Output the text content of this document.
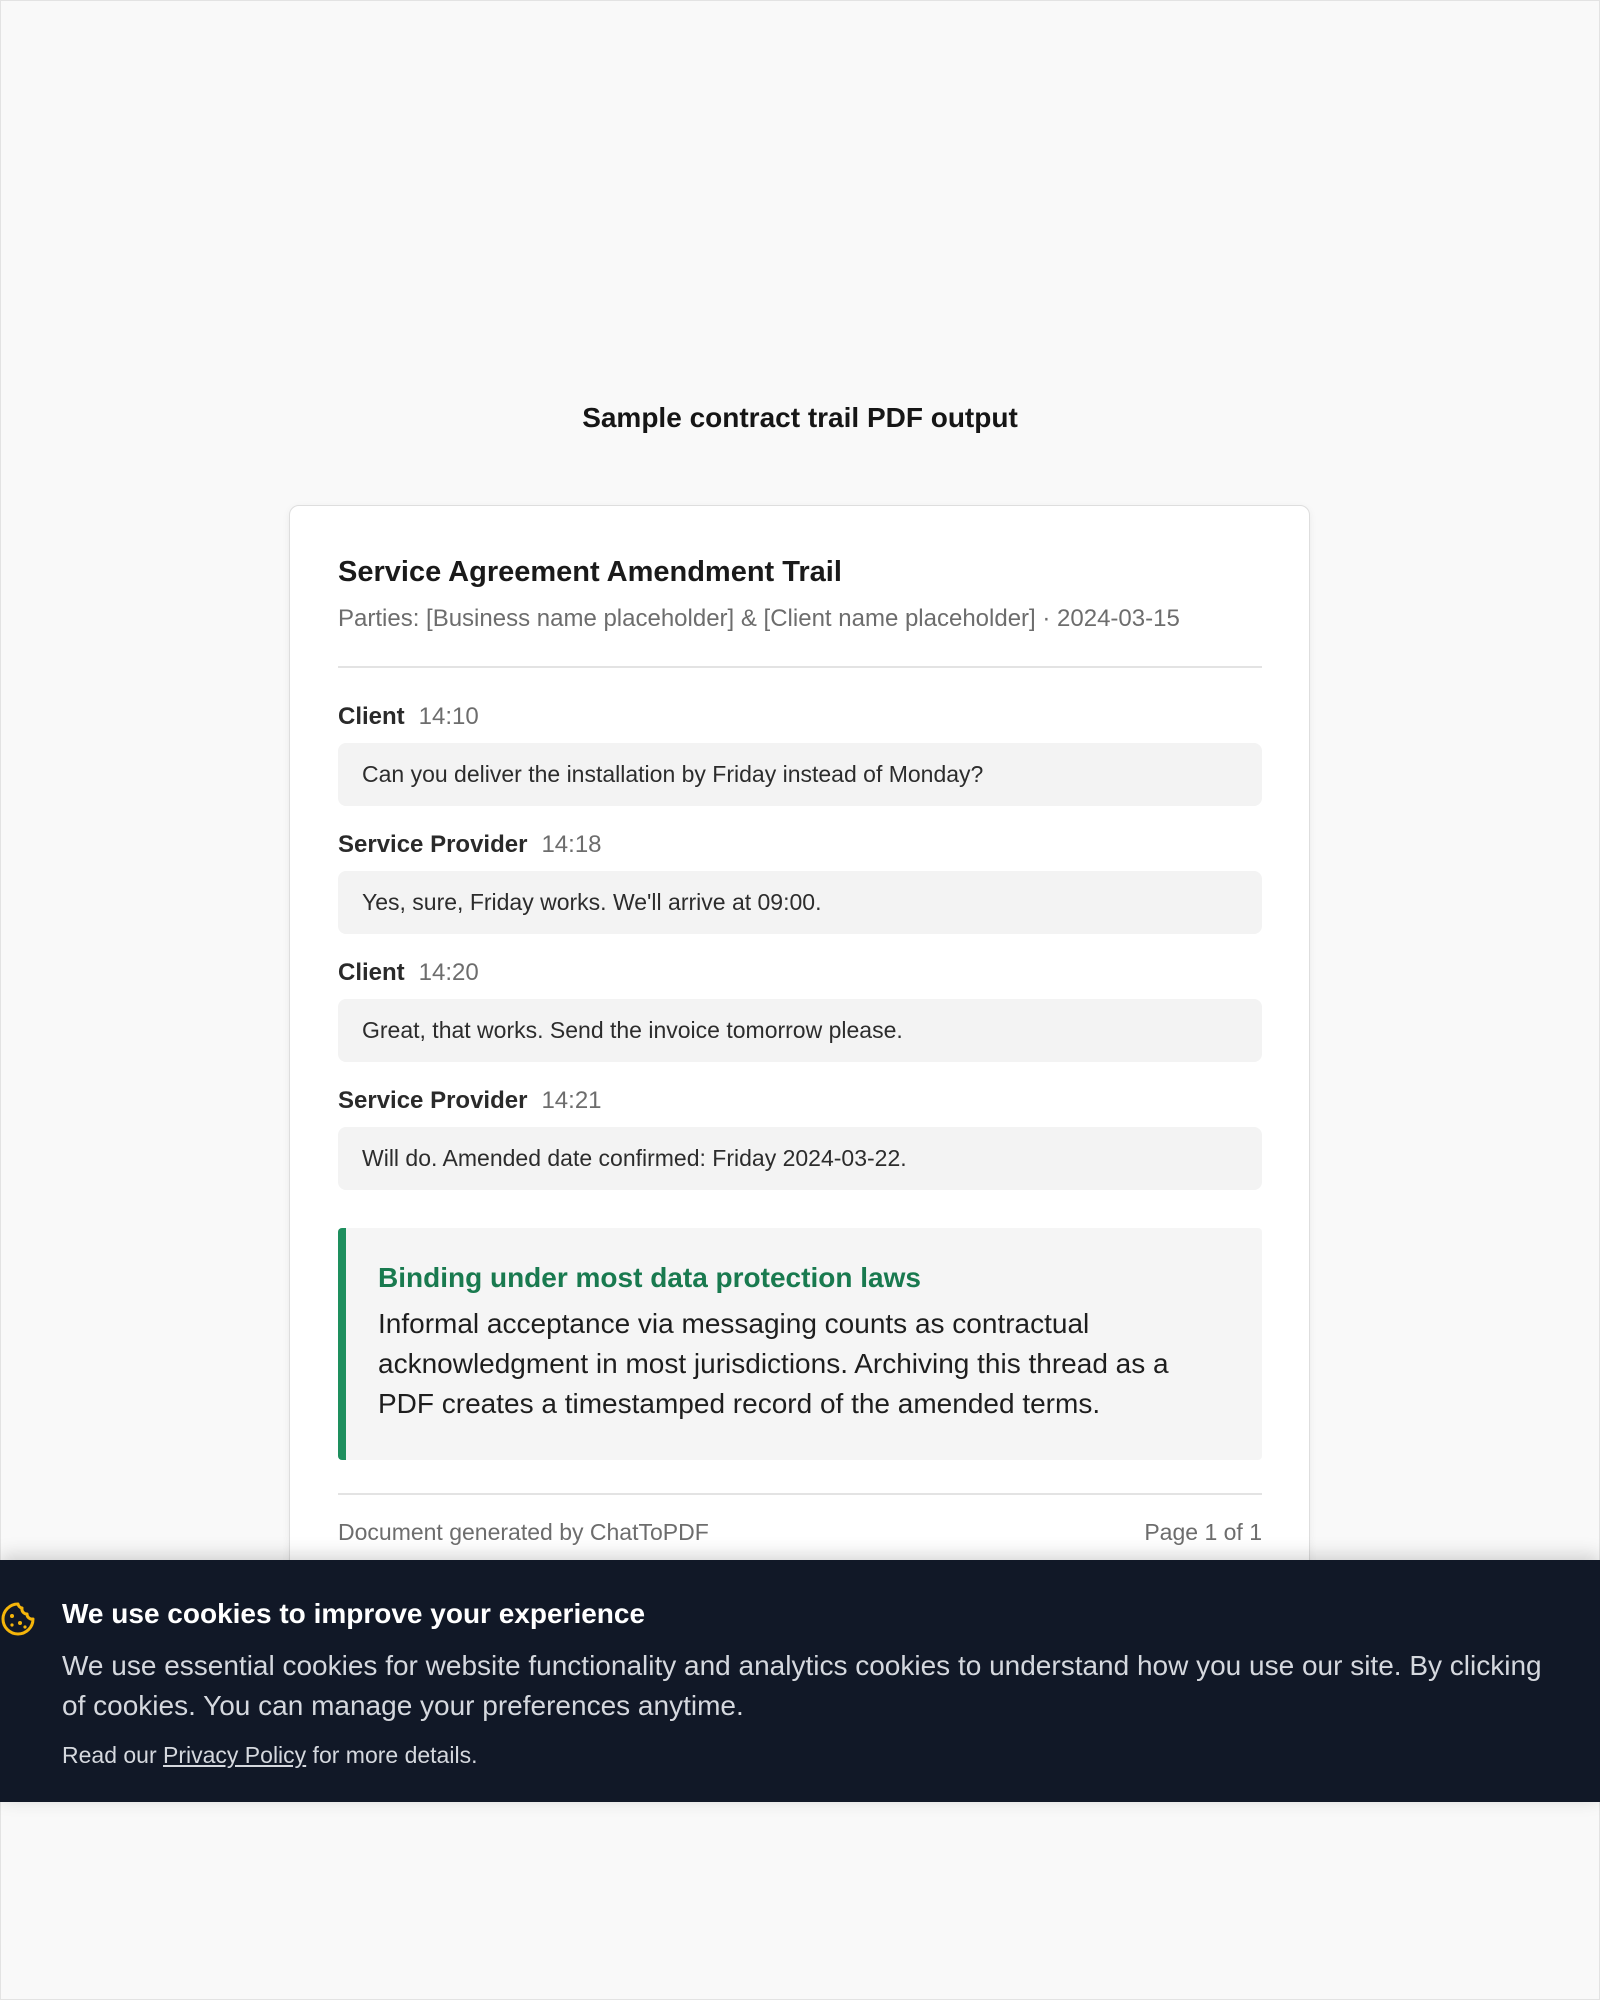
Sample contract trail PDF output
Service Agreement Amendment Trail
Parties: [Business name placeholder] & [Client name placeholder] · 2024-03-15
Client 14:10
Can you deliver the installation by Friday instead of Monday?
Service Provider 14:18
Yes, sure, Friday works. We'll arrive at 09:00.
Client 14:20
Great, that works. Send the invoice tomorrow please.
Service Provider 14:21
Will do. Amended date confirmed: Friday 2024-03-22.
Binding under most data protection laws
Informal acceptance via messaging counts as contractual acknowledgment in most jurisdictions. Archiving this thread as a PDF creates a timestamped record of the amended terms.
Document generated by ChatToPDF	Page 1 of 1
We use cookies to improve your experience
We use essential cookies for website functionality and analytics cookies to understand how you use our site. By clicking
of cookies. You can manage your preferences anytime.
Read our Privacy Policy for more details.
